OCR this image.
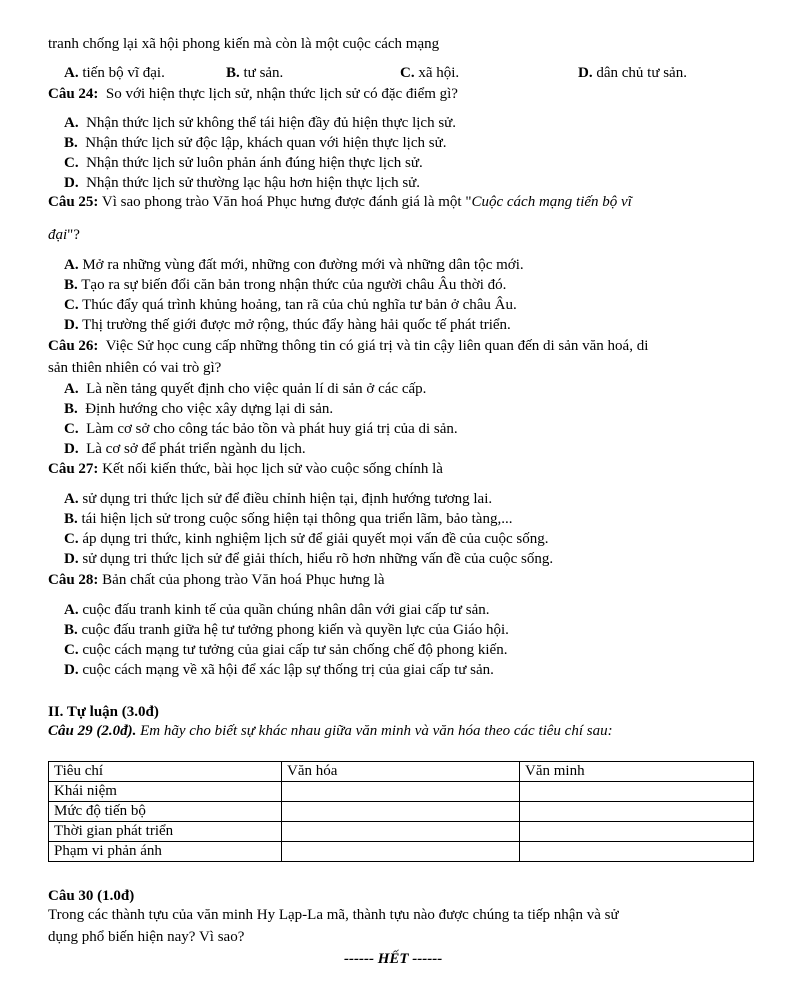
tranh chống lại xã hội phong kiến mà còn là một cuộc cách mạng
A. tiến bộ vĩ đại.	B. tư sản.	C. xã hội.	D. dân chủ tư sản.
Câu 24: So với hiện thực lịch sử, nhận thức lịch sử có đặc điểm gì?
A. Nhận thức lịch sử không thể tái hiện đầy đủ hiện thực lịch sử.
B. Nhận thức lịch sử độc lập, khách quan với hiện thực lịch sử.
C. Nhận thức lịch sử luôn phản ánh đúng hiện thực lịch sử.
D. Nhận thức lịch sử thường lạc hậu hơn hiện thực lịch sử.
Câu 25: Vì sao phong trào Văn hoá Phục hưng được đánh giá là một "Cuộc cách mạng tiến bộ vĩ
đại"?
A. Mở ra những vùng đất mới, những con đường mới và những dân tộc mới.
B. Tạo ra sự biến đổi căn bản trong nhận thức của người châu Âu thời đó.
C. Thúc đẩy quá trình khủng hoảng, tan rã của chủ nghĩa tư bản ở châu Âu.
D. Thị trường thế giới được mở rộng, thúc đẩy hàng hải quốc tế phát triển.
Câu 26: Việc Sử học cung cấp những thông tin có giá trị và tin cậy liên quan đến di sản văn hoá, di
sản thiên nhiên có vai trò gì?
A. Là nền tảng quyết định cho việc quản lí di sản ở các cấp.
B. Định hướng cho việc xây dựng lại di sản.
C. Làm cơ sở cho công tác bảo tồn và phát huy giá trị của di sản.
D. Là cơ sở để phát triển ngành du lịch.
Câu 27: Kết nối kiến thức, bài học lịch sử vào cuộc sống chính là
A. sử dụng tri thức lịch sử để điều chỉnh hiện tại, định hướng tương lai.
B. tái hiện lịch sử trong cuộc sống hiện tại thông qua triển lãm, bảo tàng,...
C. áp dụng tri thức, kinh nghiệm lịch sử để giải quyết mọi vấn đề của cuộc sống.
D. sử dụng tri thức lịch sử để giải thích, hiểu rõ hơn những vấn đề của cuộc sống.
Câu 28: Bản chất của phong trào Văn hoá Phục hưng là
A. cuộc đấu tranh kinh tế của quần chúng nhân dân với giai cấp tư sản.
B. cuộc đấu tranh giữa hệ tư tưởng phong kiến và quyền lực của Giáo hội.
C. cuộc cách mạng tư tưởng của giai cấp tư sản chống chế độ phong kiến.
D. cuộc cách mạng về xã hội để xác lập sự thống trị của giai cấp tư sản.
II. Tự luận (3.0đ)
Câu 29 (2.0đ). Em hãy cho biết sự khác nhau giữa văn minh và văn hóa theo các tiêu chí sau:
Tiêu chí	Văn hóa	Văn minh
Khái niệm		
Mức độ tiến bộ		
Thời gian phát triển		
Phạm vi phản ánh		
Câu 30 (1.0đ)
Trong các thành tựu của văn minh Hy Lạp-La mã, thành tựu nào được chúng ta tiếp nhận và sử
dụng phổ biến hiện nay? Vì sao?
------ HẾT ------
